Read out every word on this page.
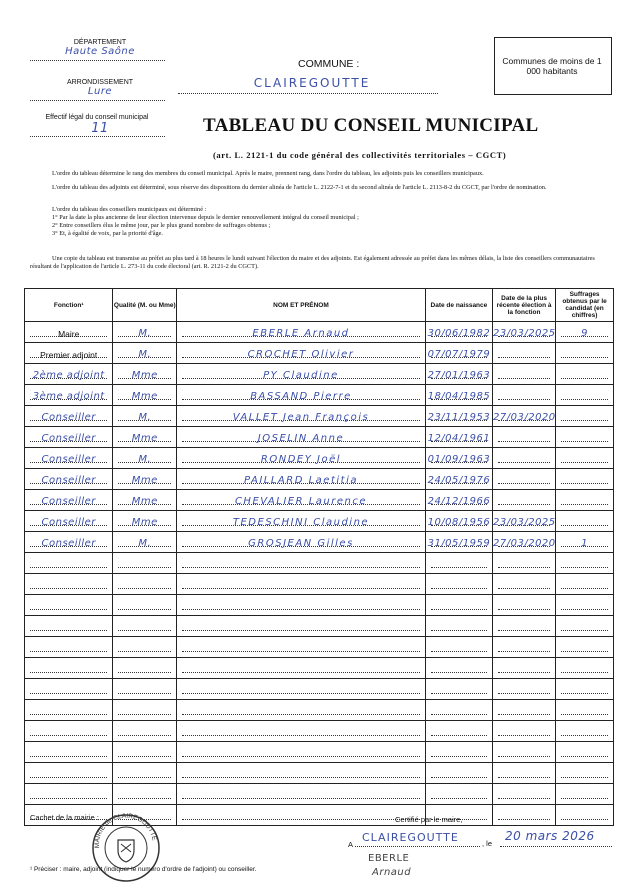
DÉPARTEMENT
Haute Saône
ARRONDISSEMENT
Lure
Effectif légal du conseil municipal
11
COMMUNE :
CLAIREGOUTTE
Communes de moins de 1 000 habitants
TABLEAU DU CONSEIL MUNICIPAL
(art. L. 2121-1 du code général des collectivités territoriales – CGCT)
L'ordre du tableau détermine le rang des membres du conseil municipal. Après le maire, prennent rang, dans l'ordre du tableau, les adjoints puis les conseillers municipaux.
L'ordre du tableau des adjoints est déterminé, sous réserve des dispositions du dernier alinéa de l'article L. 2122-7-1 et du second alinéa de l'article L. 2113-8-2 du CGCT, par l'ordre de nomination.
L'ordre du tableau des conseillers municipaux est déterminé :
1° Par la date la plus ancienne de leur élection intervenue depuis le dernier renouvellement intégral du conseil municipal ;
2° Entre conseillers élus le même jour, par le plus grand nombre de suffrages obtenus ;
3° Et, à égalité de voix, par la priorité d'âge.
Une copie du tableau est transmise au préfet au plus tard à 18 heures le lundi suivant l'élection du maire et des adjoints. Est également adressée au préfet dans les mêmes délais, la liste des conseillers communautaires résultant de l'application de l'article L. 273-11 du code électoral (art. R. 2121-2 du CGCT).
Fonction¹	Qualité (M. ou Mme)	NOM ET PRÉNOM	Date de naissance	Date de la plus récente élection à la fonction	Suffrages obtenus par le candidat (en chiffres)

Maire	M.	EBERLE Arnaud	30/06/1982	23/03/2025	9

Premier adjoint	M.	CROCHET Olivier	07/07/1979		

2ème adjoint	Mme	PY Claudine	27/01/1963		

3ème adjoint	Mme	BASSAND Pierre	18/04/1985		

Conseiller	M.	VALLET Jean François	23/11/1953	27/03/2020	

Conseiller	Mme	JOSELIN Anne	12/04/1961		

Conseiller	M.	RONDEY Joël	01/09/1963		

Conseiller	Mme	PAILLARD Laetitia	24/05/1976		

Conseiller	Mme	CHEVALIER Laurence	24/12/1966		

Conseiller	Mme	TEDESCHINI Claudine	10/08/1956	23/03/2025	

Conseiller	M.	GROSJEAN Gilles	31/05/1959	27/03/2020	1

Cachet de la mairie :
MAIRIE de CLAIREGOUTTE
Certifié par le maire,
A
CLAIREGOUTTE	, le
20 mars 2026
EBERLE
Arnaud
¹ Préciser : maire, adjoint (indiquer le numéro d'ordre de l'adjoint) ou conseiller.
